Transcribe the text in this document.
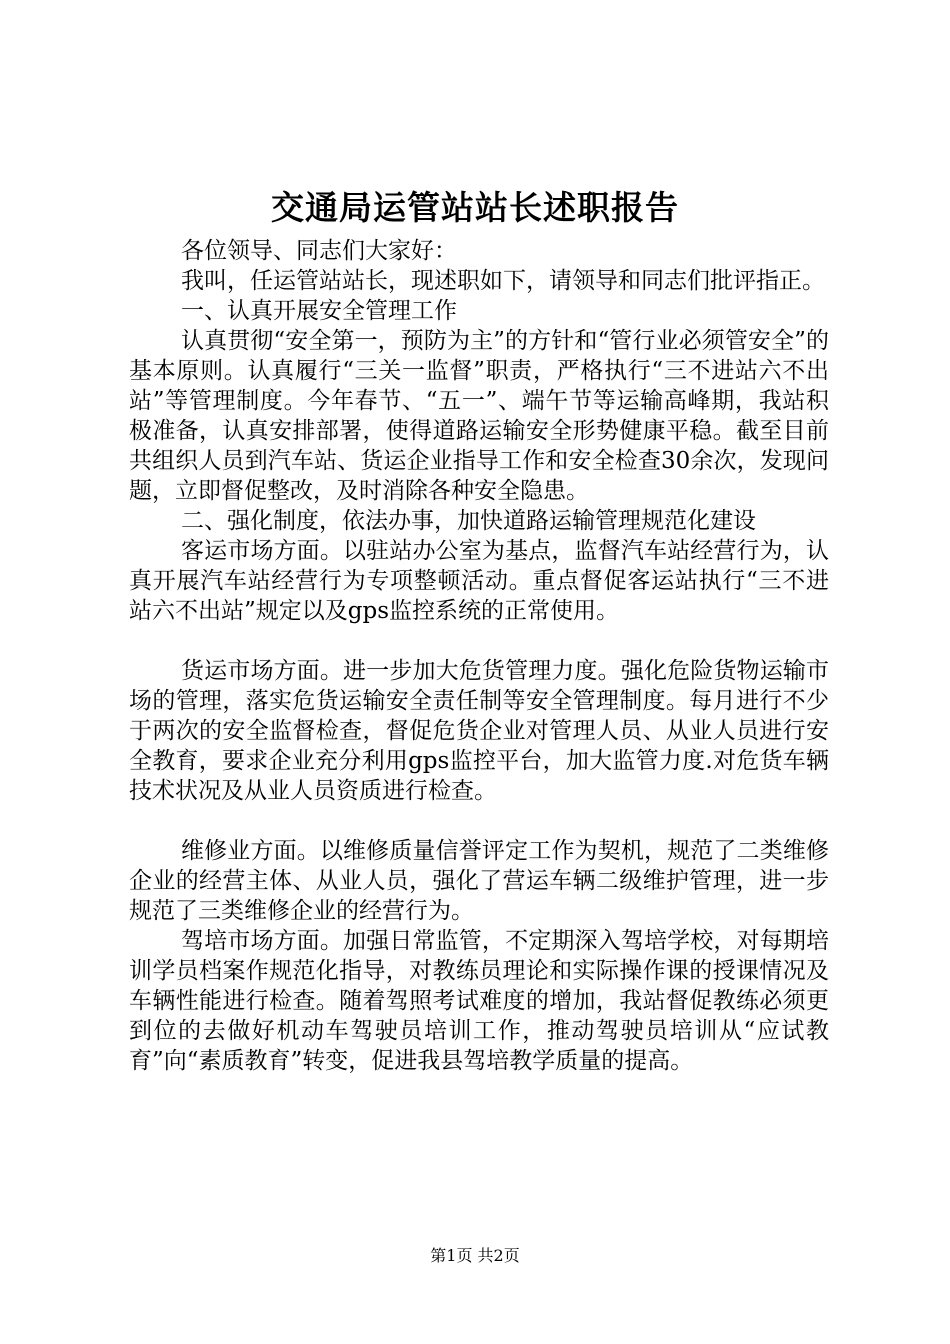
交通局运管站站长述职报告

各位领导、同志们大家好：

我叫，任运管站站长，现述职如下，请领导和同志们批评指正。

一、认真开展安全管理工作

认真贯彻“安全第一，预防为主”的方针和“管行业必须管安全”的基本原则。认真履行“三关一监督”职责，严格执行“三不进站六不出站”等管理制度。今年春节、“五一”、端午节等运输高峰期，我站积极准备，认真安排部署，使得道路运输安全形势健康平稳。截至目前共组织人员到汽车站、货运企业指导工作和安全检查30余次，发现问题，立即督促整改，及时消除各种安全隐患。

二、强化制度，依法办事，加快道路运输管理规范化建设

客运市场方面。以驻站办公室为基点，监督汽车站经营行为，认真开展汽车站经营行为专项整顿活动。重点督促客运站执行“三不进站六不出站”规定以及gps监控系统的正常使用。

货运市场方面。进一步加大危货管理力度。强化危险货物运输市场的管理，落实危货运输安全责任制等安全管理制度。每月进行不少于两次的安全监督检查，督促危货企业对管理人员、从业人员进行安全教育，要求企业充分利用gps监控平台，加大监管力度.对危货车辆技术状况及从业人员资质进行检查。

维修业方面。以维修质量信誉评定工作为契机，规范了二类维修企业的经营主体、从业人员，强化了营运车辆二级维护管理，进一步规范了三类维修企业的经营行为。

驾培市场方面。加强日常监管，不定期深入驾培学校，对每期培训学员档案作规范化指导，对教练员理论和实际操作课的授课情况及车辆性能进行检查。随着驾照考试难度的增加，我站督促教练必须更到位的去做好机动车驾驶员培训工作，推动驾驶员培训从“应试教育”向“素质教育”转变，促进我县驾培教学质量的提高。

第1页 共2页
